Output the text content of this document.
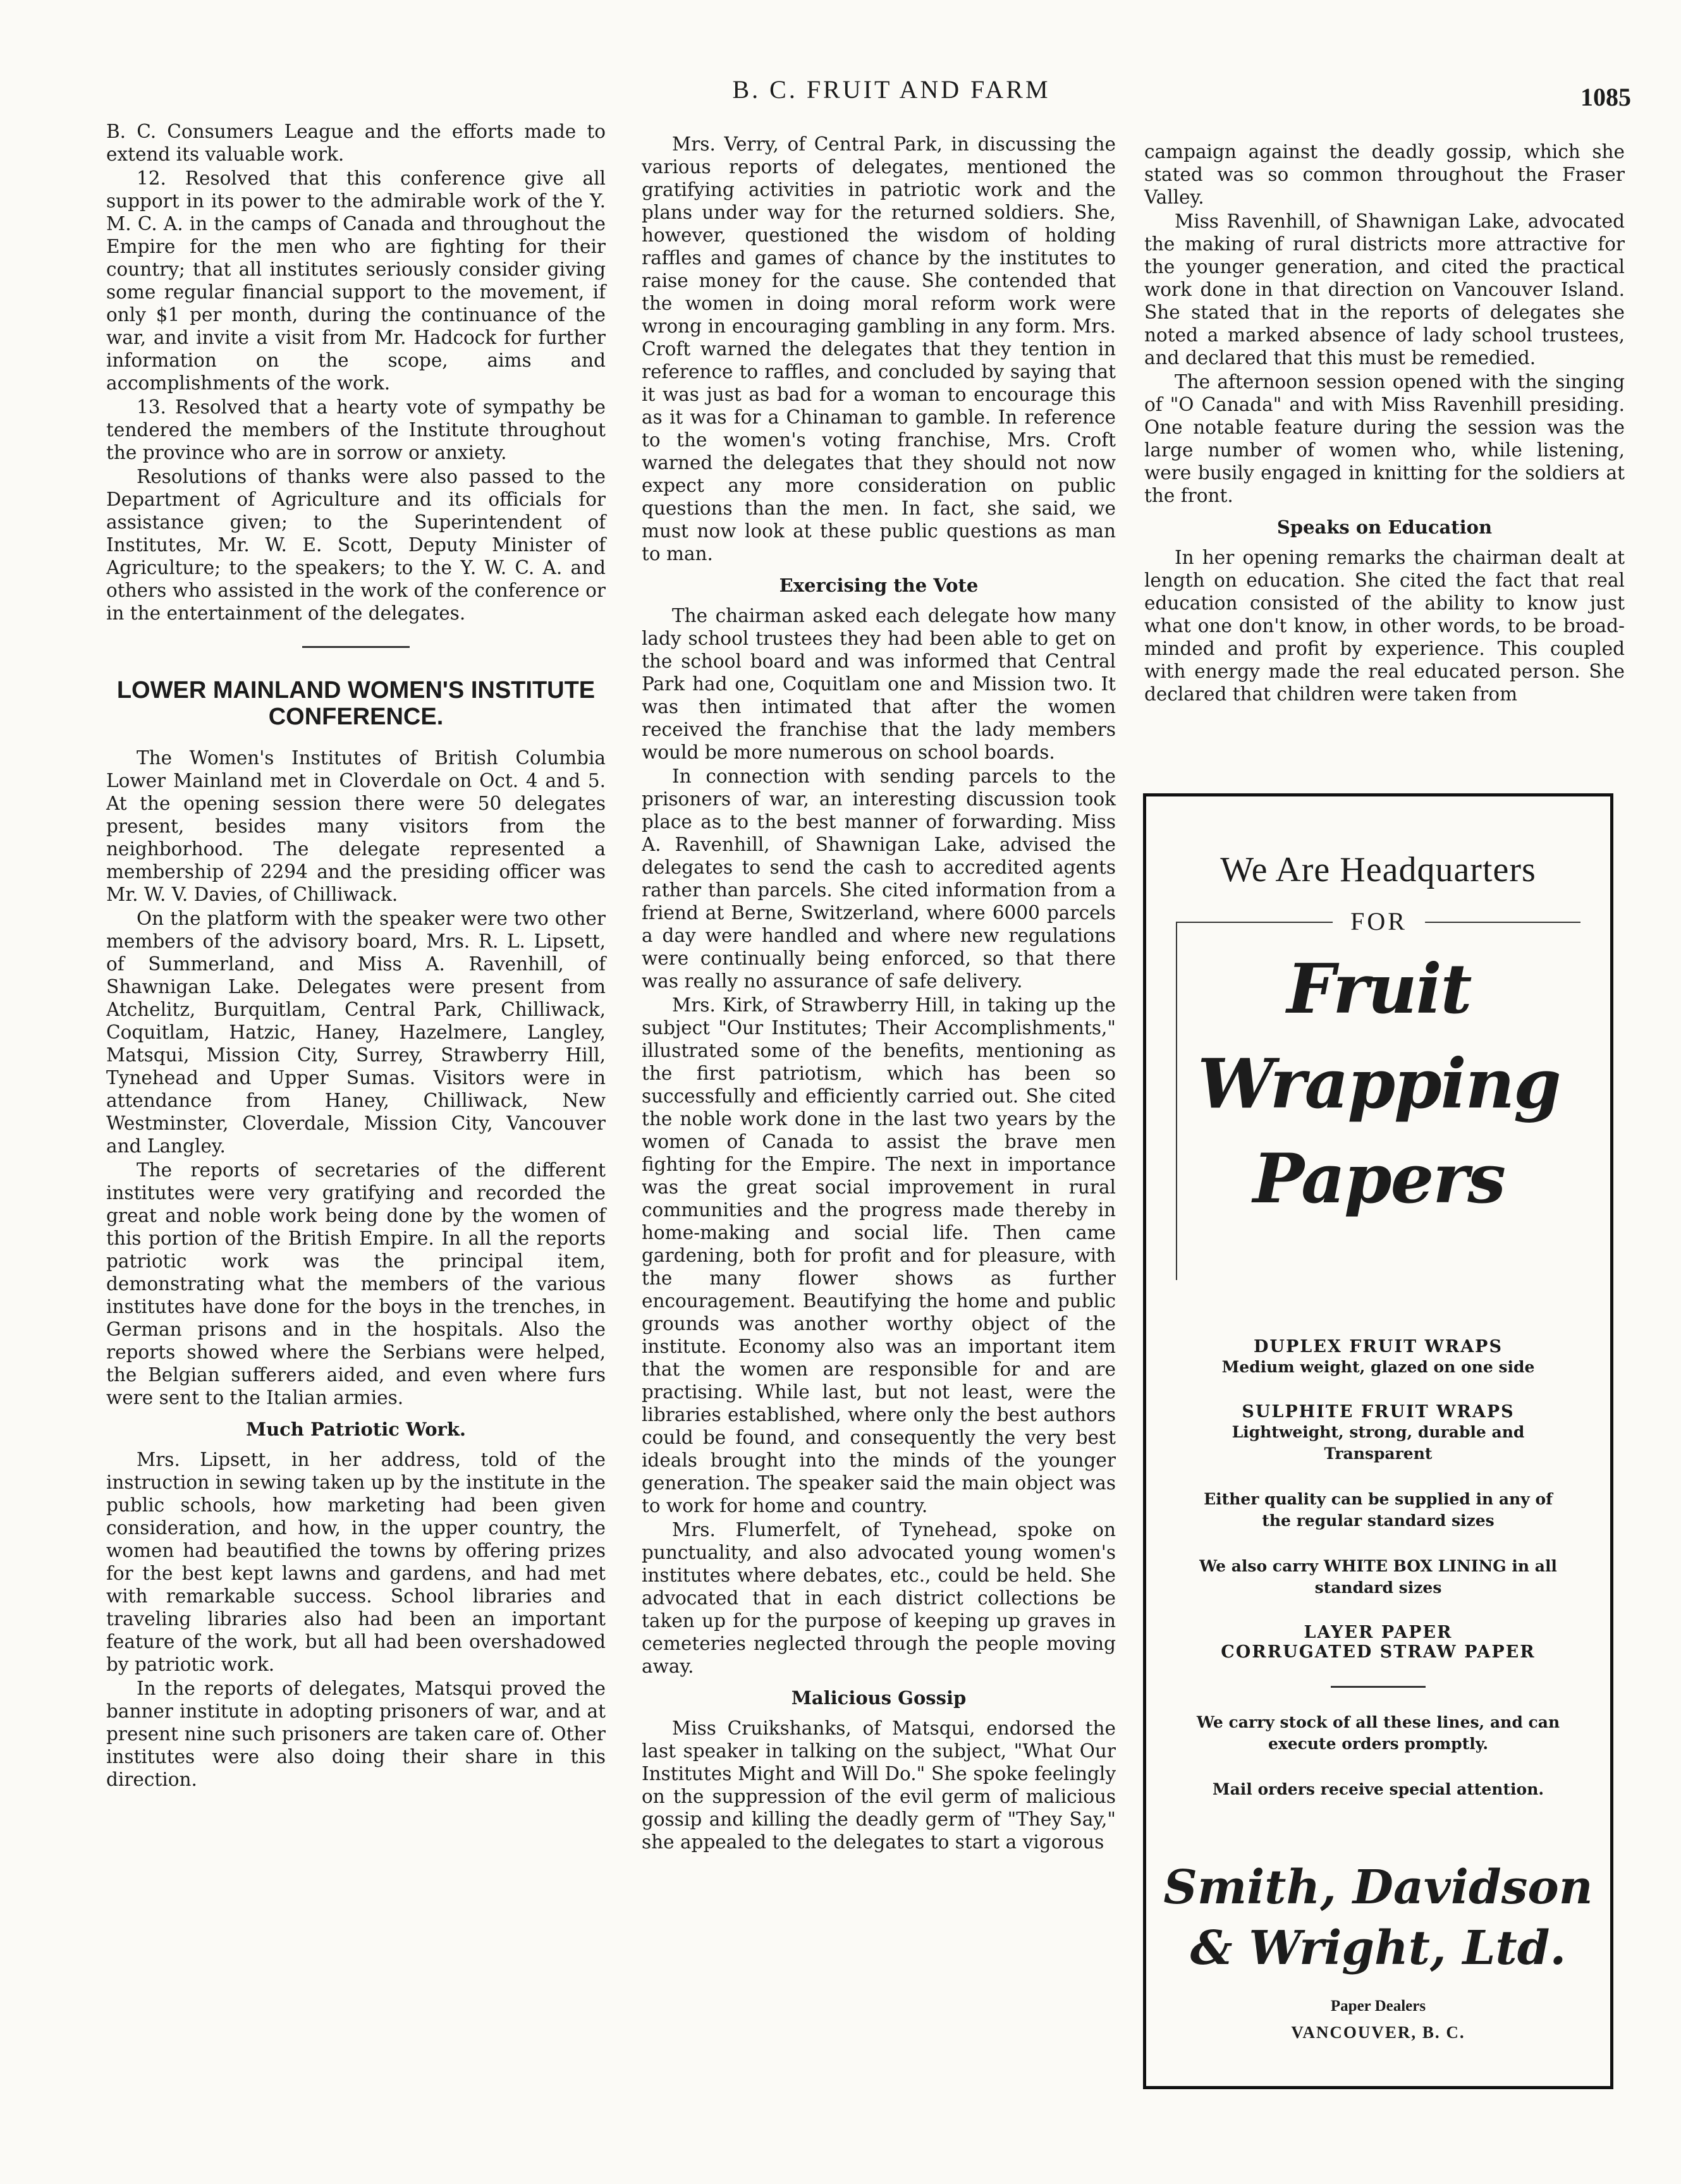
B. C. FRUIT AND FARM	1085

B. C. Consumers League and the efforts made to extend its valuable work.

12. Resolved that this conference give all support in its power to the admirable work of the Y. M. C. A. in the camps of Canada and throughout the Empire for the men who are fighting for their country; that all institutes seriously consider giving some regular financial support to the movement, if only $1 per month, during the continuance of the war, and invite a visit from Mr. Hadcock for further information on the scope, aims and accomplishments of the work.

13. Resolved that a hearty vote of sympathy be tendered the members of the Institute throughout the province who are in sorrow or anxiety.

Resolutions of thanks were also passed to the Department of Agriculture and its officials for assistance given; to the Superintendent of Institutes, Mr. W. E. Scott, Deputy Minister of Agriculture; to the speakers; to the Y. W. C. A. and others who assisted in the work of the conference or in the entertainment of the delegates.

LOWER MAINLAND WOMEN'S INSTITUTE CONFERENCE.

The Women's Institutes of British Columbia Lower Mainland met in Cloverdale on Oct. 4 and 5. At the opening session there were 50 delegates present, besides many visitors from the neighborhood. The delegate represented a membership of 2294 and the presiding officer was Mr. W. V. Davies, of Chilliwack.

On the platform with the speaker were two other members of the advisory board, Mrs. R. L. Lipsett, of Summerland, and Miss A. Ravenhill, of Shawnigan Lake. Delegates were present from Atchelitz, Burquitlam, Central Park, Chilliwack, Coquitlam, Hatzic, Haney, Hazelmere, Langley, Matsqui, Mission City, Surrey, Strawberry Hill, Tynehead and Upper Sumas. Visitors were in attendance from Haney, Chilliwack, New Westminster, Cloverdale, Mission City, Vancouver and Langley.

The reports of secretaries of the different institutes were very gratifying and recorded the great and noble work being done by the women of this portion of the British Empire. In all the reports patriotic work was the principal item, demonstrating what the members of the various institutes have done for the boys in the trenches, in German prisons and in the hospitals. Also the reports showed where the Serbians were helped, the Belgian sufferers aided, and even where furs were sent to the Italian armies.

Much Patriotic Work.

Mrs. Lipsett, in her address, told of the instruction in sewing taken up by the institute in the public schools, how marketing had been given consideration, and how, in the upper country, the women had beautified the towns by offering prizes for the best kept lawns and gardens, and had met with remarkable success. School libraries and traveling libraries also had been an important feature of the work, but all had been overshadowed by patriotic work.

In the reports of delegates, Matsqui proved the banner institute in adopting prisoners of war, and at present nine such prisoners are taken care of. Other institutes were also doing their share in this direction.

Mrs. Verry, of Central Park, in discussing the various reports of delegates, mentioned the gratifying activities in patriotic work and the plans under way for the returned soldiers. She, however, questioned the wisdom of holding raffles and games of chance by the institutes to raise money for the cause. She contended that the women in doing moral reform work were wrong in encouraging gambling in any form. Mrs. Croft warned the delegates that they tention in reference to raffles, and concluded by saying that it was just as bad for a woman to encourage this as it was for a Chinaman to gamble. In reference to the women's voting franchise, Mrs. Croft warned the delegates that they should not now expect any more consideration on public questions than the men. In fact, she said, we must now look at these public questions as man to man.

Exercising the Vote

The chairman asked each delegate how many lady school trustees they had been able to get on the school board and was informed that Central Park had one, Coquitlam one and Mission two. It was then intimated that after the women received the franchise that the lady members would be more numerous on school boards.

In connection with sending parcels to the prisoners of war, an interesting discussion took place as to the best manner of forwarding. Miss A. Ravenhill, of Shawnigan Lake, advised the delegates to send the cash to accredited agents rather than parcels. She cited information from a friend at Berne, Switzerland, where 6000 parcels a day were handled and where new regulations were continually being enforced, so that there was really no assurance of safe delivery.

Mrs. Kirk, of Strawberry Hill, in taking up the subject "Our Institutes; Their Accomplishments," illustrated some of the benefits, mentioning as the first patriotism, which has been so successfully and efficiently carried out. She cited the noble work done in the last two years by the women of Canada to assist the brave men fighting for the Empire. The next in importance was the great social improvement in rural communities and the progress made thereby in home-making and social life. Then came gardening, both for profit and for pleasure, with the many flower shows as further encouragement. Beautifying the home and public grounds was another worthy object of the institute. Economy also was an important item that the women are responsible for and are practising. While last, but not least, were the libraries established, where only the best authors could be found, and consequently the very best ideals brought into the minds of the younger generation. The speaker said the main object was to work for home and country.

Mrs. Flumerfelt, of Tynehead, spoke on punctuality, and also advocated young women's institutes where debates, etc., could be held. She advocated that in each district collections be taken up for the purpose of keeping up graves in cemeteries neglected through the people moving away.

Malicious Gossip

Miss Cruikshanks, of Matsqui, endorsed the last speaker in talking on the subject, "What Our Institutes Might and Will Do." She spoke feelingly on the suppression of the evil germ of malicious gossip and killing the deadly germ of "They Say," she appealed to the delegates to start a vigorous

campaign against the deadly gossip, which she stated was so common throughout the Fraser Valley.

Miss Ravenhill, of Shawnigan Lake, advocated the making of rural districts more attractive for the younger generation, and cited the practical work done in that direction on Vancouver Island. She stated that in the reports of delegates she noted a marked absence of lady school trustees, and declared that this must be remedied.

The afternoon session opened with the singing of "O Canada" and with Miss Ravenhill presiding. One notable feature during the session was the large number of women who, while listening, were busily engaged in knitting for the soldiers at the front.

Speaks on Education

In her opening remarks the chairman dealt at length on education. She cited the fact that real education consisted of the ability to know just what one don't know, in other words, to be broad-minded and profit by experience. This coupled with energy made the real educated person. She declared that children were taken from

We Are Headquarters
FOR
Fruit
Wrapping
Papers
DUPLEX FRUIT WRAPS
Medium weight, glazed on one side
SULPHITE FRUIT WRAPS
Lightweight, strong, durable and Transparent
Either quality can be supplied in any of the regular standard sizes
We also carry WHITE BOX LINING in all standard sizes
LAYER PAPER
CORRUGATED STRAW PAPER
We carry stock of all these lines, and can execute orders promptly.
Mail orders receive special attention.
Smith, Davidson & Wright, Ltd.
Paper Dealers
VANCOUVER, B. C.
